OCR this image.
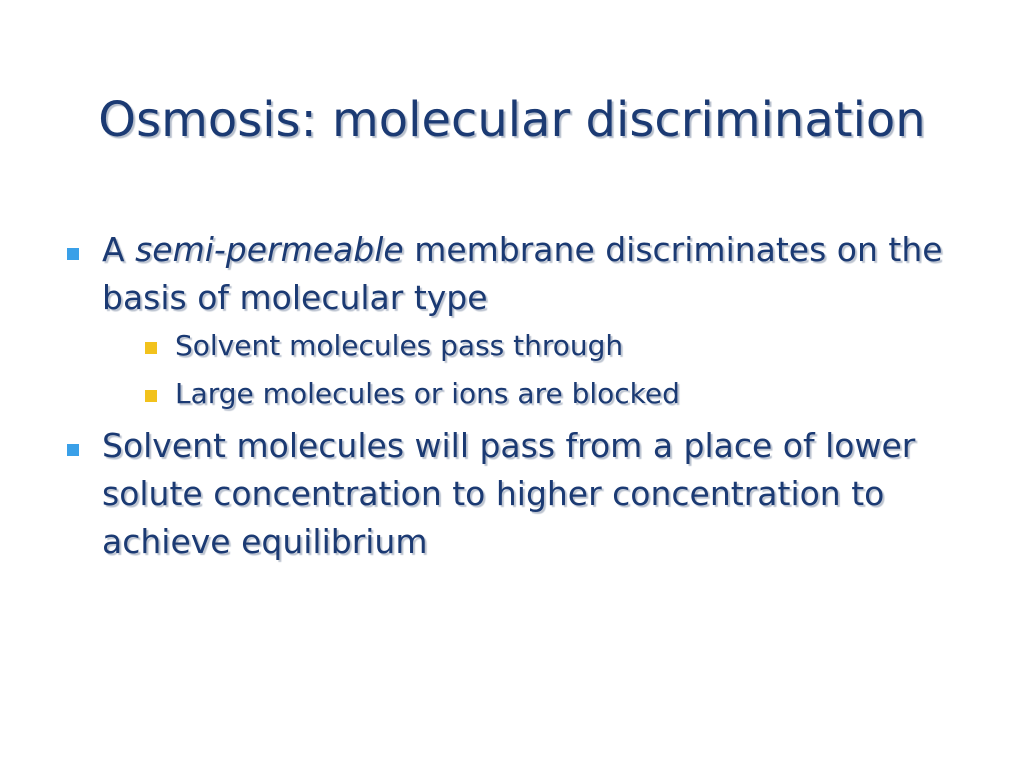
Osmosis: molecular discrimination
A semi-permeable membrane discriminates on the basis of molecular type
Solvent molecules pass through
Large molecules or ions are blocked
Solvent molecules will pass from a place of lower solute concentration to higher concentration to achieve equilibrium
